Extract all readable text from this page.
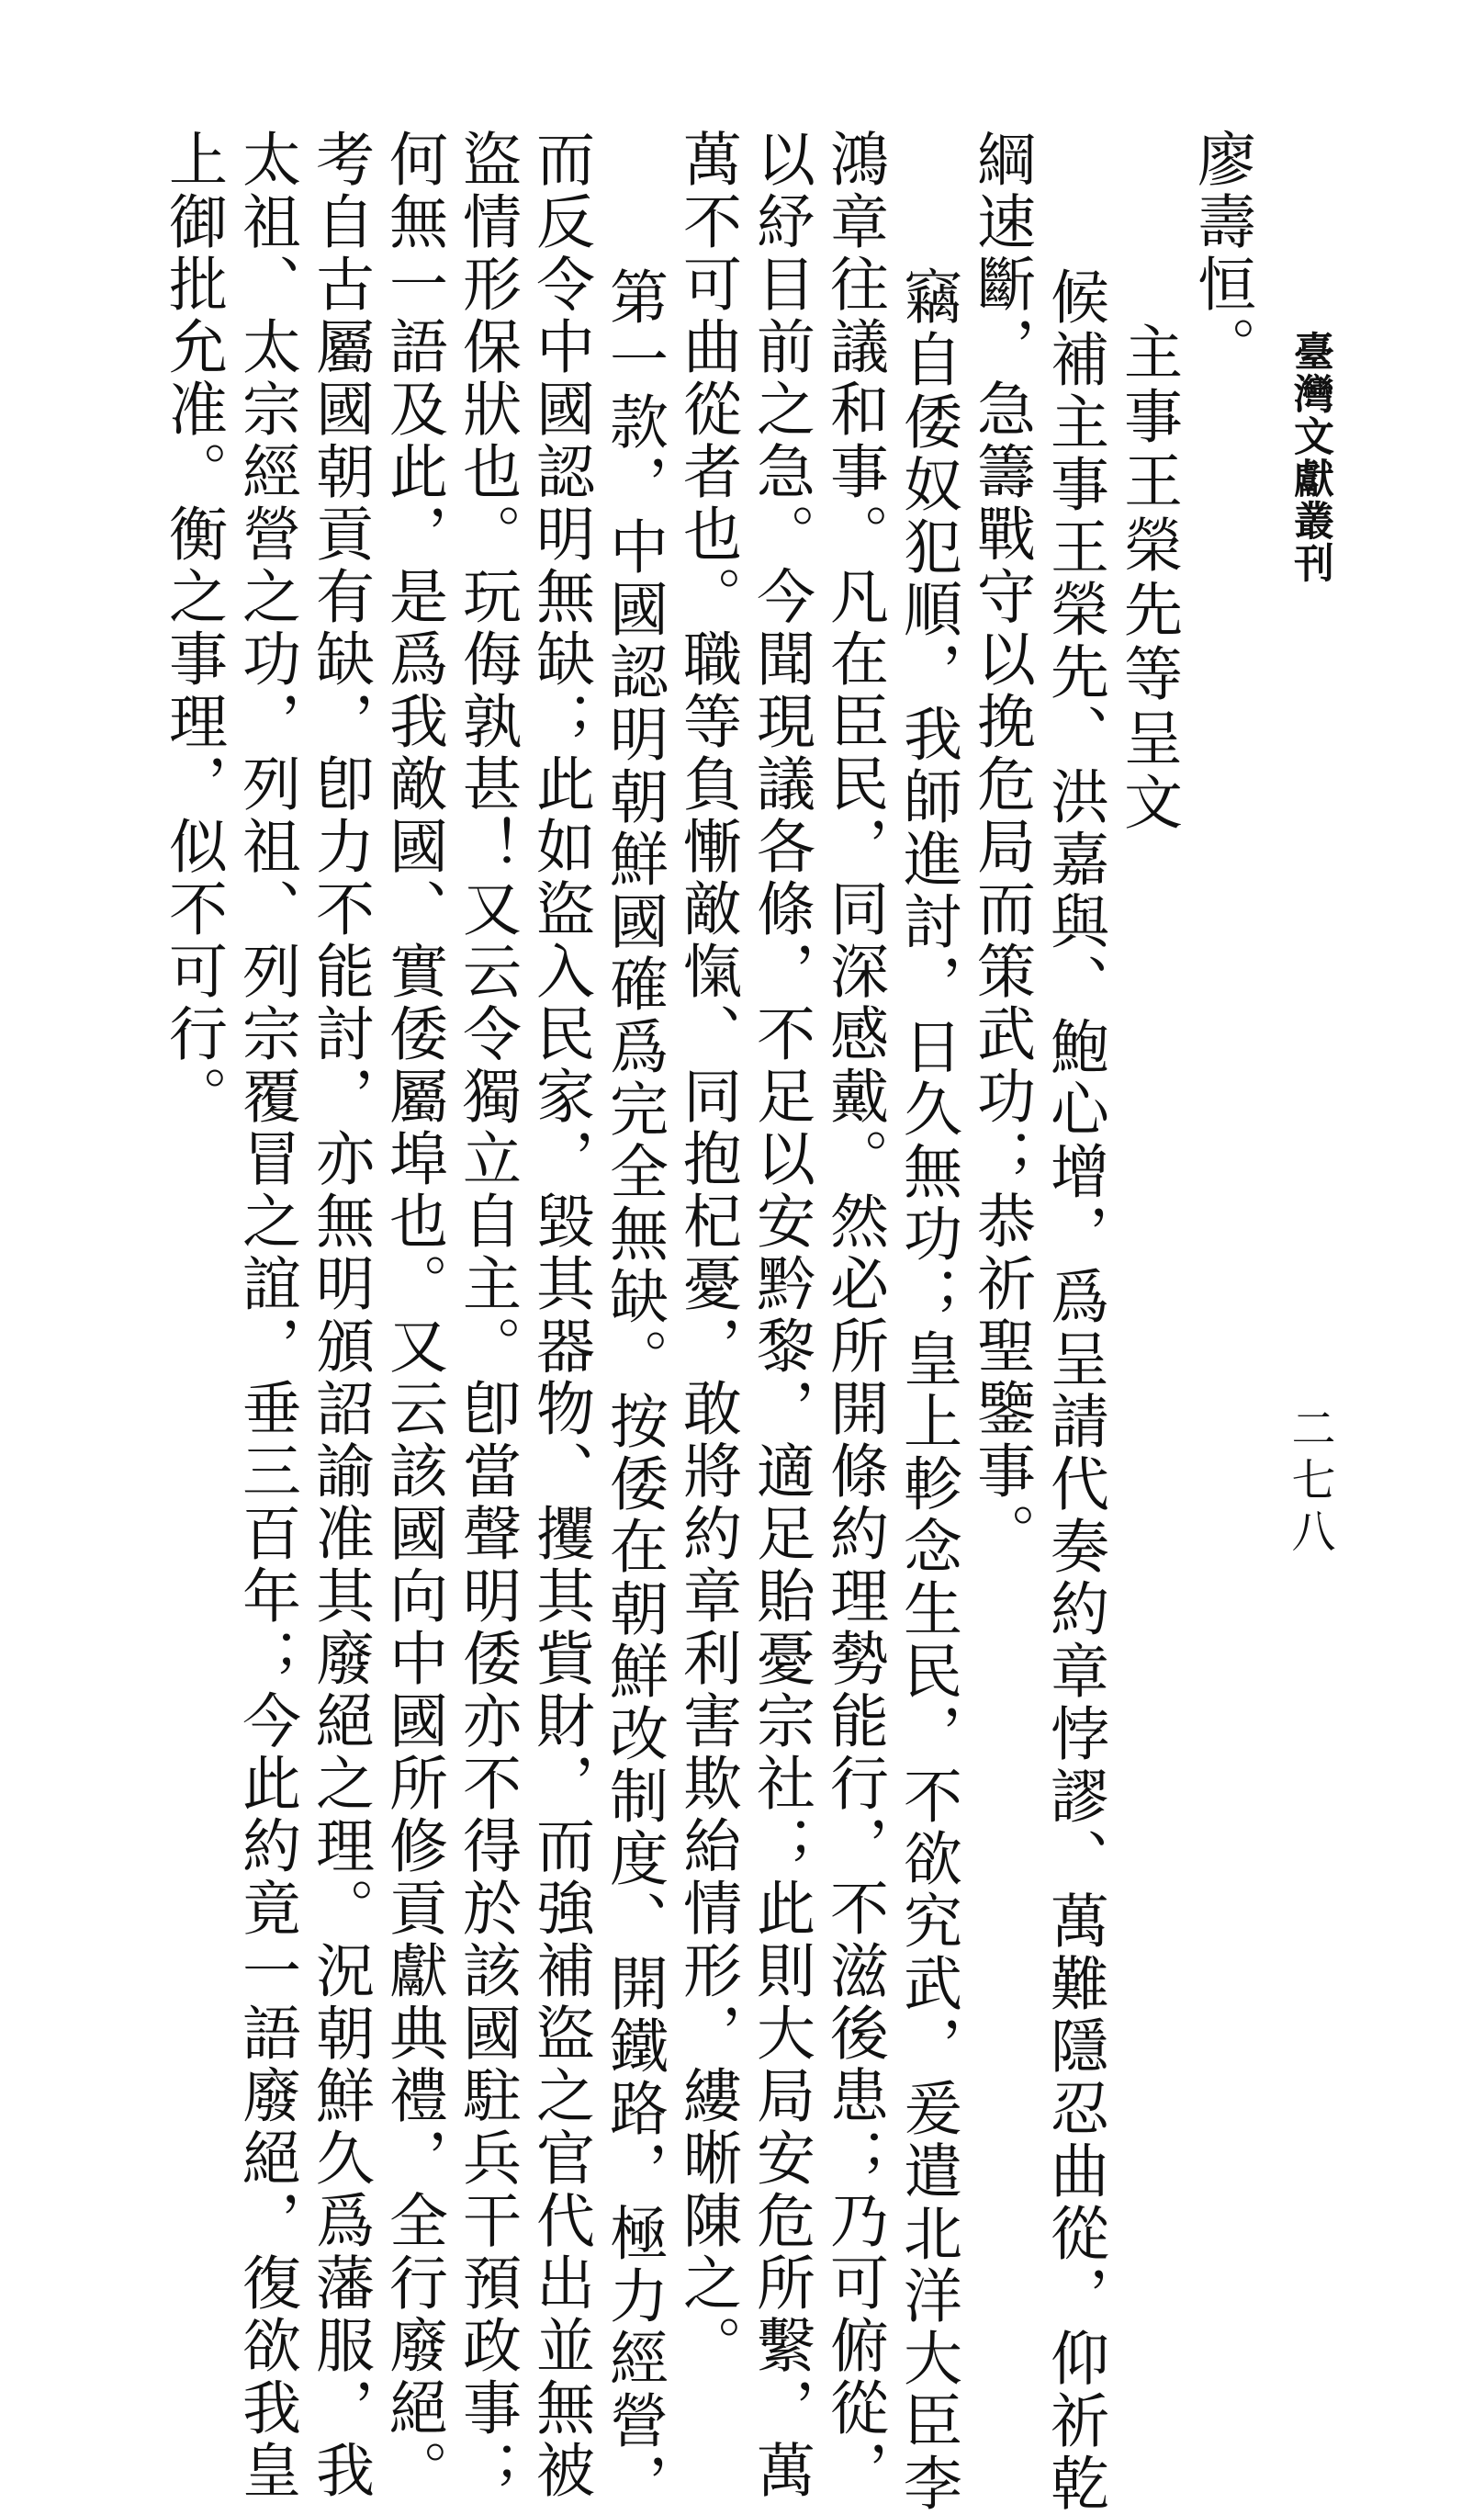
臺灣文獻叢刊
二七八
廖壽恒。
主事王榮先等呈文
候補主事王榮先、洪嘉與、鮑心增，爲呈請代奏約章悖謬、萬難隱忍曲從，仰祈乾
綱速斷，急籌戰守以挽危局而策武功；恭祈聖鑒事。
竊自倭奴犯順，我師進討，日久無功；皇上軫念生民，不欲究武，爰遣北洋大臣李
鴻章往議和事。凡在臣民，同深感戴。然必所開條約理勢能行，不滋後患；乃可俯從，
以紓目前之急。今聞現議各條，不足以安黔黎，適足貽憂宗社；此則大局安危所繫，萬
萬不可曲從者也。職等負慚敵愾、同抱杞憂，敢將約章利害欺紿情形，縷晰陳之。
第一款，中國認明朝鮮國確爲完全無缺。按倭在朝鮮改制度、開鐵路，極力經營，
而反令中國認明無缺；此如盜入民家，毀其器物、攫其貲財，而強補盜之官代出並無被
盜情形保狀也。玩侮孰甚！又云令獨立自主。卽當聲明倭亦不得於該國駐兵干預政事；
何無一語及此，是爲我敵國、實倭屬埠也。又云該國向中國所修貢獻典禮，全行廢絕。
考自古屬國朝貢有缺，卽力不能討，亦無明頒詔諭准其廢絕之理。況朝鮮久爲藩服，我
太祖、太宗經營之功，列祖、列宗覆冒之誼，垂三百年；今此約竟一語廢絕，復欲我皇
上御批允准。衡之事理，似不可行。
